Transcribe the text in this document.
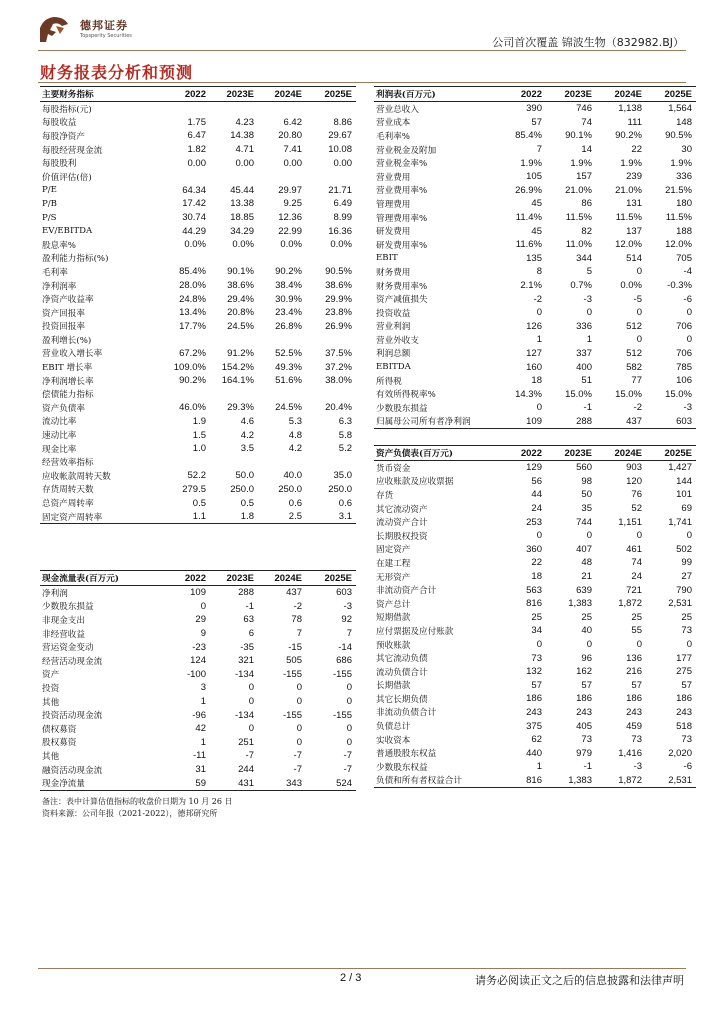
德邦证券
Topsperity Securities	公司首次覆盖 锦波生物（832982.BJ）
财务报表分析和预测
主要财务指标	2022	2023E	2024E	2025E
每股指标(元)				
每股收益	1.75	4.23	6.42	8.86
每股净资产	6.47	14.38	20.80	29.67
每股经营现金流	1.82	4.71	7.41	10.08
每股股利	0.00	0.00	0.00	0.00
价值评估(倍)				
P/E	64.34	45.44	29.97	21.71
P/B	17.42	13.38	9.25	6.49
P/S	30.74	18.85	12.36	8.99
EV/EBITDA	44.29	34.29	22.99	16.36
股息率%	0.0%	0.0%	0.0%	0.0%
盈利能力指标(%)				
毛利率	85.4%	90.1%	90.2%	90.5%
净利润率	28.0%	38.6%	38.4%	38.6%
净资产收益率	24.8%	29.4%	30.9%	29.9%
资产回报率	13.4%	20.8%	23.4%	23.8%
投资回报率	17.7%	24.5%	26.8%	26.9%
盈利增长(%)				
营业收入增长率	67.2%	91.2%	52.5%	37.5%
EBIT 增长率	109.0%	154.2%	49.3%	37.2%
净利润增长率	90.2%	164.1%	51.6%	38.0%
偿债能力指标				
资产负债率	46.0%	29.3%	24.5%	20.4%
流动比率	1.9	4.6	5.3	6.3
速动比率	1.5	4.2	4.8	5.8
现金比率	1.0	3.5	4.2	5.2
经营效率指标				
应收帐款周转天数	52.2	50.0	40.0	35.0
存货周转天数	279.5	250.0	250.0	250.0
总资产周转率	0.5	0.5	0.6	0.6
固定资产周转率	1.1	1.8	2.5	3.1
利润表(百万元)	2022	2023E	2024E	2025E
营业总收入	390	746	1,138	1,564
营业成本	57	74	111	148
毛利率%	85.4%	90.1%	90.2%	90.5%
营业税金及附加	7	14	22	30
营业税金率%	1.9%	1.9%	1.9%	1.9%
营业费用	105	157	239	336
营业费用率%	26.9%	21.0%	21.0%	21.5%
管理费用	45	86	131	180
管理费用率%	11.4%	11.5%	11.5%	11.5%
研发费用	45	82	137	188
研发费用率%	11.6%	11.0%	12.0%	12.0%
EBIT	135	344	514	705
财务费用	8	5	0	-4
财务费用率%	2.1%	0.7%	0.0%	-0.3%
资产减值损失	-2	-3	-5	-6
投资收益	0	0	0	0
营业利润	126	336	512	706
营业外收支	1	1	0	0
利润总额	127	337	512	706
EBITDA	160	400	582	785
所得税	18	51	77	106
有效所得税率%	14.3%	15.0%	15.0%	15.0%
少数股东损益	0	-1	-2	-3
归属母公司所有者净利润	109	288	437	603
资产负债表(百万元)	2022	2023E	2024E	2025E
货币资金	129	560	903	1,427
应收账款及应收票据	56	98	120	144
存货	44	50	76	101
其它流动资产	24	35	52	69
流动资产合计	253	744	1,151	1,741
长期股权投资	0	0	0	0
固定资产	360	407	461	502
在建工程	22	48	74	99
无形资产	18	21	24	27
非流动资产合计	563	639	721	790
资产总计	816	1,383	1,872	2,531
短期借款	25	25	25	25
应付票据及应付账款	34	40	55	73
预收账款	0	0	0	0
其它流动负债	73	96	136	177
流动负债合计	132	162	216	275
长期借款	57	57	57	57
其它长期负债	186	186	186	186
非流动负债合计	243	243	243	243
负债总计	375	405	459	518
实收资本	62	73	73	73
普通股股东权益	440	979	1,416	2,020
少数股东权益	1	-1	-3	-6
负债和所有者权益合计	816	1,383	1,872	2,531
现金流量表(百万元)	2022	2023E	2024E	2025E
净利润	109	288	437	603
少数股东损益	0	-1	-2	-3
非现金支出	29	63	78	92
非经营收益	9	6	7	7
营运资金变动	-23	-35	-15	-14
经营活动现金流	124	321	505	686
资产	-100	-134	-155	-155
投资	3	0	0	0
其他	1	0	0	0
投资活动现金流	-96	-134	-155	-155
债权募资	42	0	0	0
股权募资	1	251	0	0
其他	-11	-7	-7	-7
融资活动现金流	31	244	-7	-7
现金净流量	59	431	343	524
备注：表中计算估值指标的收盘价日期为 10 月 26 日
资料来源：公司年报（2021-2022），德邦研究所
2 / 3	请务必阅读正文之后的信息披露和法律声明
